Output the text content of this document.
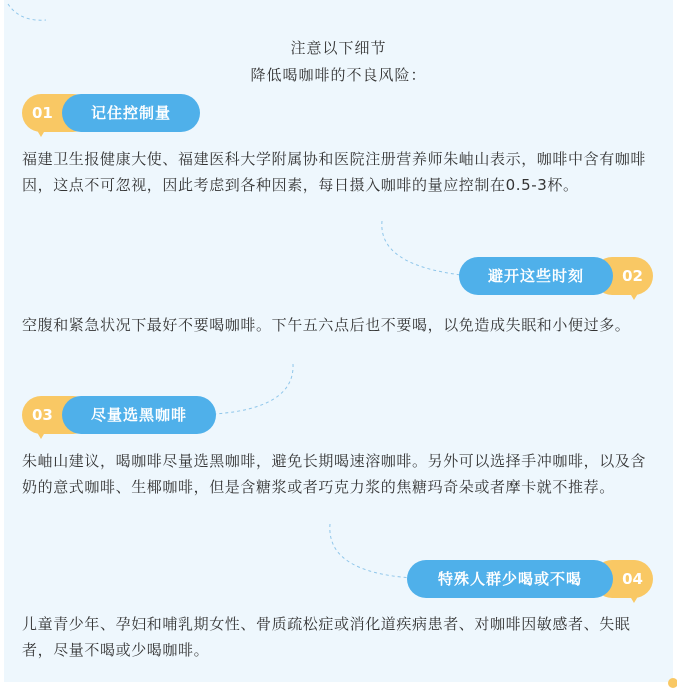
注意以下细节
降低喝咖啡的不良风险：
01	记住控制量

福建卫生报健康大使、福建医科大学附属协和医院注册营养师朱岫山表示，咖啡中含有咖啡因，这点不可忽视，因此考虑到各种因素，每日摄入咖啡的量应控制在0.5-3杯。

02
避开这些时刻

空腹和紧急状况下最好不要喝咖啡。下午五六点后也不要喝，以免造成失眠和小便过多。

03	尽量选黑咖啡

朱岫山建议，喝咖啡尽量选黑咖啡，避免长期喝速溶咖啡。另外可以选择手冲咖啡，以及含奶的意式咖啡、生椰咖啡，但是含糖浆或者巧克力浆的焦糖玛奇朵或者摩卡就不推荐。

04
特殊人群少喝或不喝

儿童青少年、孕妇和哺乳期女性、骨质疏松症或消化道疾病患者、对咖啡因敏感者、失眠者，尽量不喝或少喝咖啡。
